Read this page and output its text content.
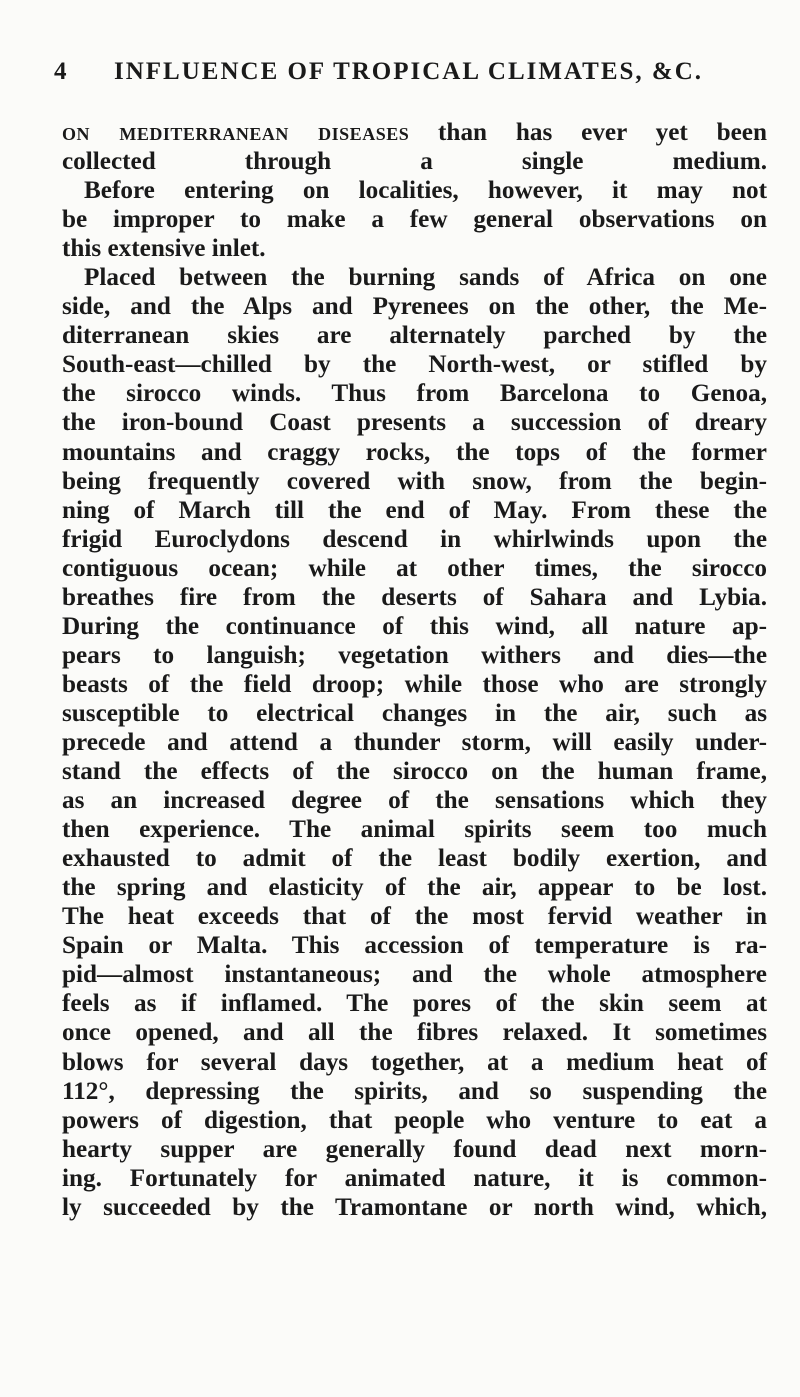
4	INFLUENCE OF TROPICAL CLIMATES, &C.
on mediterranean diseases than has ever yet been
collected through a single medium.
Before entering on localities, however, it may not
be improper to make a few general observations on
this extensive inlet.
Placed between the burning sands of Africa on one
side, and the Alps and Pyrenees on the other, the Me-
diterranean skies are alternately parched by the
South-east—chilled by the North-west, or stifled by
the sirocco winds. Thus from Barcelona to Genoa,
the iron-bound Coast presents a succession of dreary
mountains and craggy rocks, the tops of the former
being frequently covered with snow, from the begin-
ning of March till the end of May. From these the
frigid Euroclydons descend in whirlwinds upon the
contiguous ocean; while at other times, the sirocco
breathes fire from the deserts of Sahara and Lybia.
During the continuance of this wind, all nature ap-
pears to languish; vegetation withers and dies—the
beasts of the field droop; while those who are strongly
susceptible to electrical changes in the air, such as
precede and attend a thunder storm, will easily under-
stand the effects of the sirocco on the human frame,
as an increased degree of the sensations which they
then experience. The animal spirits seem too much
exhausted to admit of the least bodily exertion, and
the spring and elasticity of the air, appear to be lost.
The heat exceeds that of the most fervid weather in
Spain or Malta. This accession of temperature is ra-
pid—almost instantaneous; and the whole atmosphere
feels as if inflamed. The pores of the skin seem at
once opened, and all the fibres relaxed. It sometimes
blows for several days together, at a medium heat of
112°, depressing the spirits, and so suspending the
powers of digestion, that people who venture to eat a
hearty supper are generally found dead next morn-
ing. Fortunately for animated nature, it is common-
ly succeeded by the Tramontane or north wind, which,
